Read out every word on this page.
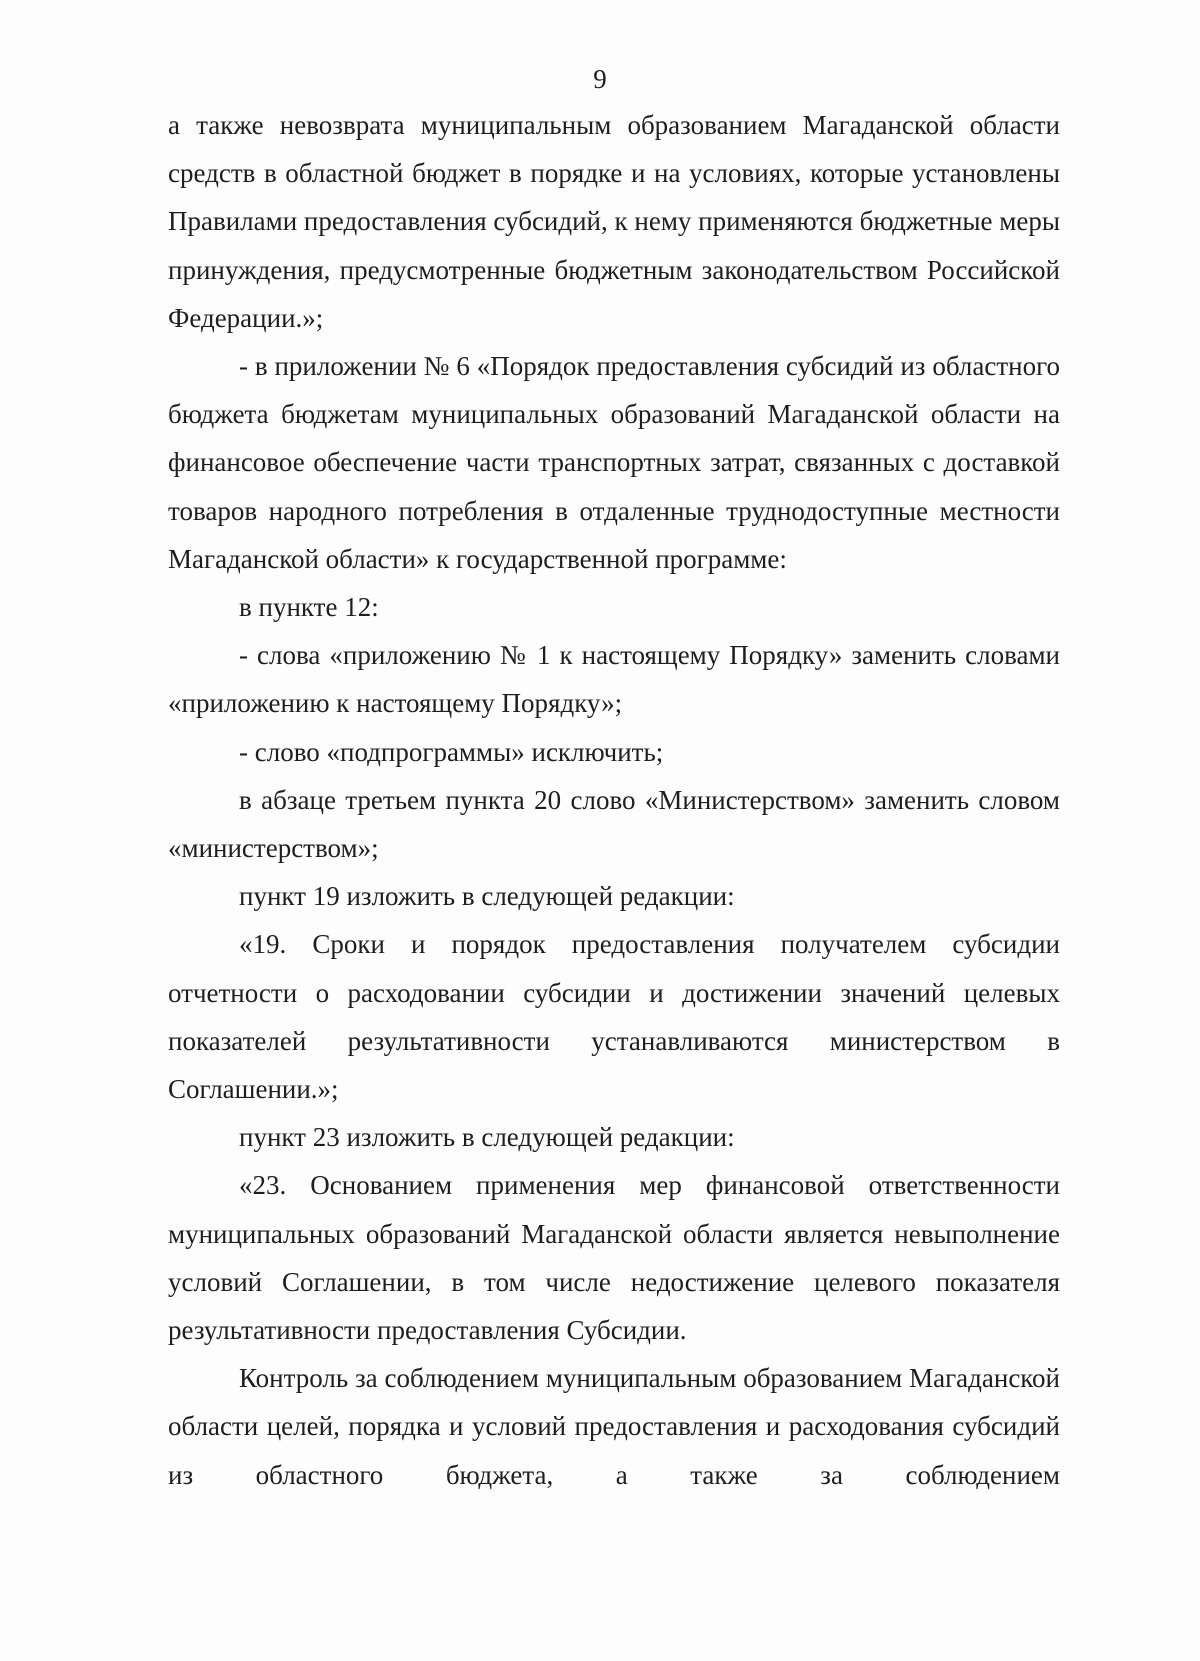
9

а также невозврата муниципальным образованием Магаданской области средств в областной бюджет в порядке и на условиях, которые установлены Правилами предоставления субсидий, к нему применяются бюджетные меры принуждения, предусмотренные бюджетным законодательством Российской Федерации.»;

- в приложении № 6 «Порядок предоставления субсидий из областного бюджета бюджетам муниципальных образований Магаданской области на финансовое обеспечение части транспортных затрат, связанных с доставкой товаров народного потребления в отдаленные труднодоступные местности Магаданской области» к государственной программе:

в пункте 12:

- слова «приложению № 1 к настоящему Порядку» заменить словами «приложению к настоящему Порядку»;

- слово «подпрограммы» исключить;

в абзаце третьем пункта 20 слово «Министерством» заменить словом «министерством»;

пункт 19 изложить в следующей редакции:

«19. Сроки и порядок предоставления получателем субсидии отчетности о расходовании субсидии и достижении значений целевых показателей результативности устанавливаются министерством в Соглашении.»;

пункт 23 изложить в следующей редакции:

«23. Основанием применения мер финансовой ответственности муниципальных образований Магаданской области является невыполнение условий Соглашении, в том числе недостижение целевого показателя результативности предоставления Субсидии.

Контроль за соблюдением муниципальным образованием Магаданской области целей, порядка и условий предоставления и расходования субсидий из областного бюджета, а также за соблюдением
